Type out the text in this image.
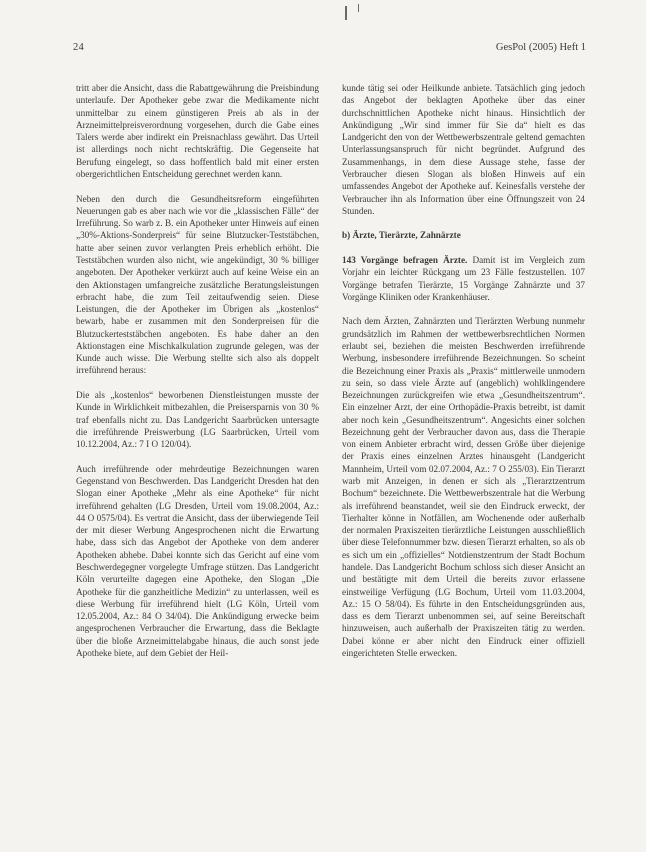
24	GesPol (2005) Heft 1

tritt aber die Ansicht, dass die Rabattgewährung die Preisbindung unterlaufe. Der Apotheker gebe zwar die Medikamente nicht unmittelbar zu einem günstigeren Preis ab als in der Arzneimittelpreisverordnung vorgesehen, durch die Gabe eines Talers werde aber indirekt ein Preisnachlass gewährt. Das Urteil ist allerdings noch nicht rechtskräftig. Die Gegenseite hat Berufung eingelegt, so dass hoffentlich bald mit einer ersten obergerichtlichen Entscheidung gerechnet werden kann.

Neben den durch die Gesundheitsreform eingeführten Neuerungen gab es aber nach wie vor die „klassischen Fälle“ der Irreführung. So warb z. B. ein Apotheker unter Hinweis auf einen „30%-Aktions-Sonderpreis“ für seine Blutzucker-Teststäbchen, hatte aber seinen zuvor verlangten Preis erheblich erhöht. Die Teststäbchen wurden also nicht, wie angekündigt, 30 % billiger angeboten. Der Apotheker verkürzt auch auf keine Weise ein an den Aktionstagen umfangreiche zusätzliche Beratungsleistungen erbracht habe, die zum Teil zeitaufwendig seien. Diese Leistungen, die der Apotheker im Übrigen als „kostenlos“ bewarb, habe er zusammen mit den Sonderpreisen für die Blutzuckerteststäbchen angeboten. Es habe daher an den Aktionstagen eine Mischkalkulation zugrunde gelegen, was der Kunde auch wisse. Die Werbung stellte sich also als doppelt irreführend heraus:

Die als „kostenlos“ beworbenen Dienstleistungen musste der Kunde in Wirklichkeit mitbezahlen, die Preisersparnis von 30 % traf ebenfalls nicht zu. Das Landgericht Saarbrücken untersagte die irreführende Preiswerbung (LG Saarbrücken, Urteil vom 10.12.2004, Az.: 7 I O 120/04).

Auch irreführende oder mehrdeutige Bezeichnungen waren Gegenstand von Beschwerden. Das Landgericht Dresden hat den Slogan einer Apotheke „Mehr als eine Apotheke“ für nicht irreführend gehalten (LG Dresden, Urteil vom 19.08.2004, Az.: 44 O 0575/04). Es vertrat die Ansicht, dass der überwiegende Teil der mit dieser Werbung Angesprochenen nicht die Erwartung habe, dass sich das Angebot der Apotheke von dem anderer Apotheken abhebe. Dabei konnte sich das Gericht auf eine vom Beschwerdegegner vorgelegte Umfrage stützen. Das Landgericht Köln verurteilte dagegen eine Apotheke, den Slogan „Die Apotheke für die ganzheitliche Medizin“ zu unterlassen, weil es diese Werbung für irreführend hielt (LG Köln, Urteil vom 12.05.2004, Az.: 84 O 34/04). Die Ankündigung erwecke beim angesprochenen Verbraucher die Erwartung, dass die Beklagte über die bloße Arzneimittelabgabe hinaus, die auch sonst jede Apotheke biete, auf dem Gebiet der Heil-

kunde tätig sei oder Heilkunde anbiete. Tatsächlich ging jedoch das Angebot der beklagten Apotheke über das einer durchschnittlichen Apotheke nicht hinaus. Hinsichtlich der Ankündigung „Wir sind immer für Sie da“ hielt es das Landgericht den von der Wettbewerbszentrale geltend gemachten Unterlassungsanspruch für nicht begründet. Aufgrund des Zusammenhangs, in dem diese Aussage stehe, fasse der Verbraucher diesen Slogan als bloßen Hinweis auf ein umfassendes Angebot der Apotheke auf. Keinesfalls verstehe der Verbraucher ihn als Information über eine Öffnungszeit von 24 Stunden.

b) Ärzte, Tierärzte, Zahnärzte

143 Vorgänge befragen Ärzte. Damit ist im Vergleich zum Vorjahr ein leichter Rückgang um 23 Fälle festzustellen. 107 Vorgänge betrafen Tierärzte, 15 Vorgänge Zahnärzte und 37 Vorgänge Kliniken oder Krankenhäuser.

Nach dem Ärzten, Zahnärzten und Tierärzten Werbung nunmehr grundsätzlich im Rahmen der wettbewerbsrechtlichen Normen erlaubt sei, beziehen die meisten Beschwerden irreführende Werbung, insbesondere irreführende Bezeichnungen. So scheint die Bezeichnung einer Praxis als „Praxis“ mittlerweile unmodern zu sein, so dass viele Ärzte auf (angeblich) wohlklingendere Bezeichnungen zurückgreifen wie etwa „Gesundheitszentrum“. Ein einzelner Arzt, der eine Orthopädie-Praxis betreibt, ist damit aber noch kein „Gesundheitszentrum“. Angesichts einer solchen Bezeichnung geht der Verbraucher davon aus, dass die Therapie von einem Anbieter erbracht wird, dessen Größe über diejenige der Praxis eines einzelnen Arztes hinausgeht (Landgericht Mannheim, Urteil vom 02.07.2004, Az.: 7 O 255/03). Ein Tierarzt warb mit Anzeigen, in denen er sich als „Tierarztzentrum Bochum“ bezeichnete. Die Wettbewerbszentrale hat die Werbung als irreführend beanstandet, weil sie den Eindruck erweckt, der Tierhalter könne in Notfällen, am Wochenende oder außerhalb der normalen Praxiszeiten tierärztliche Leistungen ausschließlich über diese Telefonnummer bzw. diesen Tierarzt erhalten, so als ob es sich um ein „offizielles“ Notdienstzentrum der Stadt Bochum handele. Das Landgericht Bochum schloss sich dieser Ansicht an und bestätigte mit dem Urteil die bereits zuvor erlassene einstweilige Verfügung (LG Bochum, Urteil vom 11.03.2004, Az.: 15 O 58/04). Es führte in den Entscheidungsgründen aus, dass es dem Tierarzt unbenommen sei, auf seine Bereitschaft hinzuweisen, auch außerhalb der Praxiszeiten tätig zu werden. Dabei könne er aber nicht den Eindruck einer offiziell eingerichteten Stelle erwecken.
